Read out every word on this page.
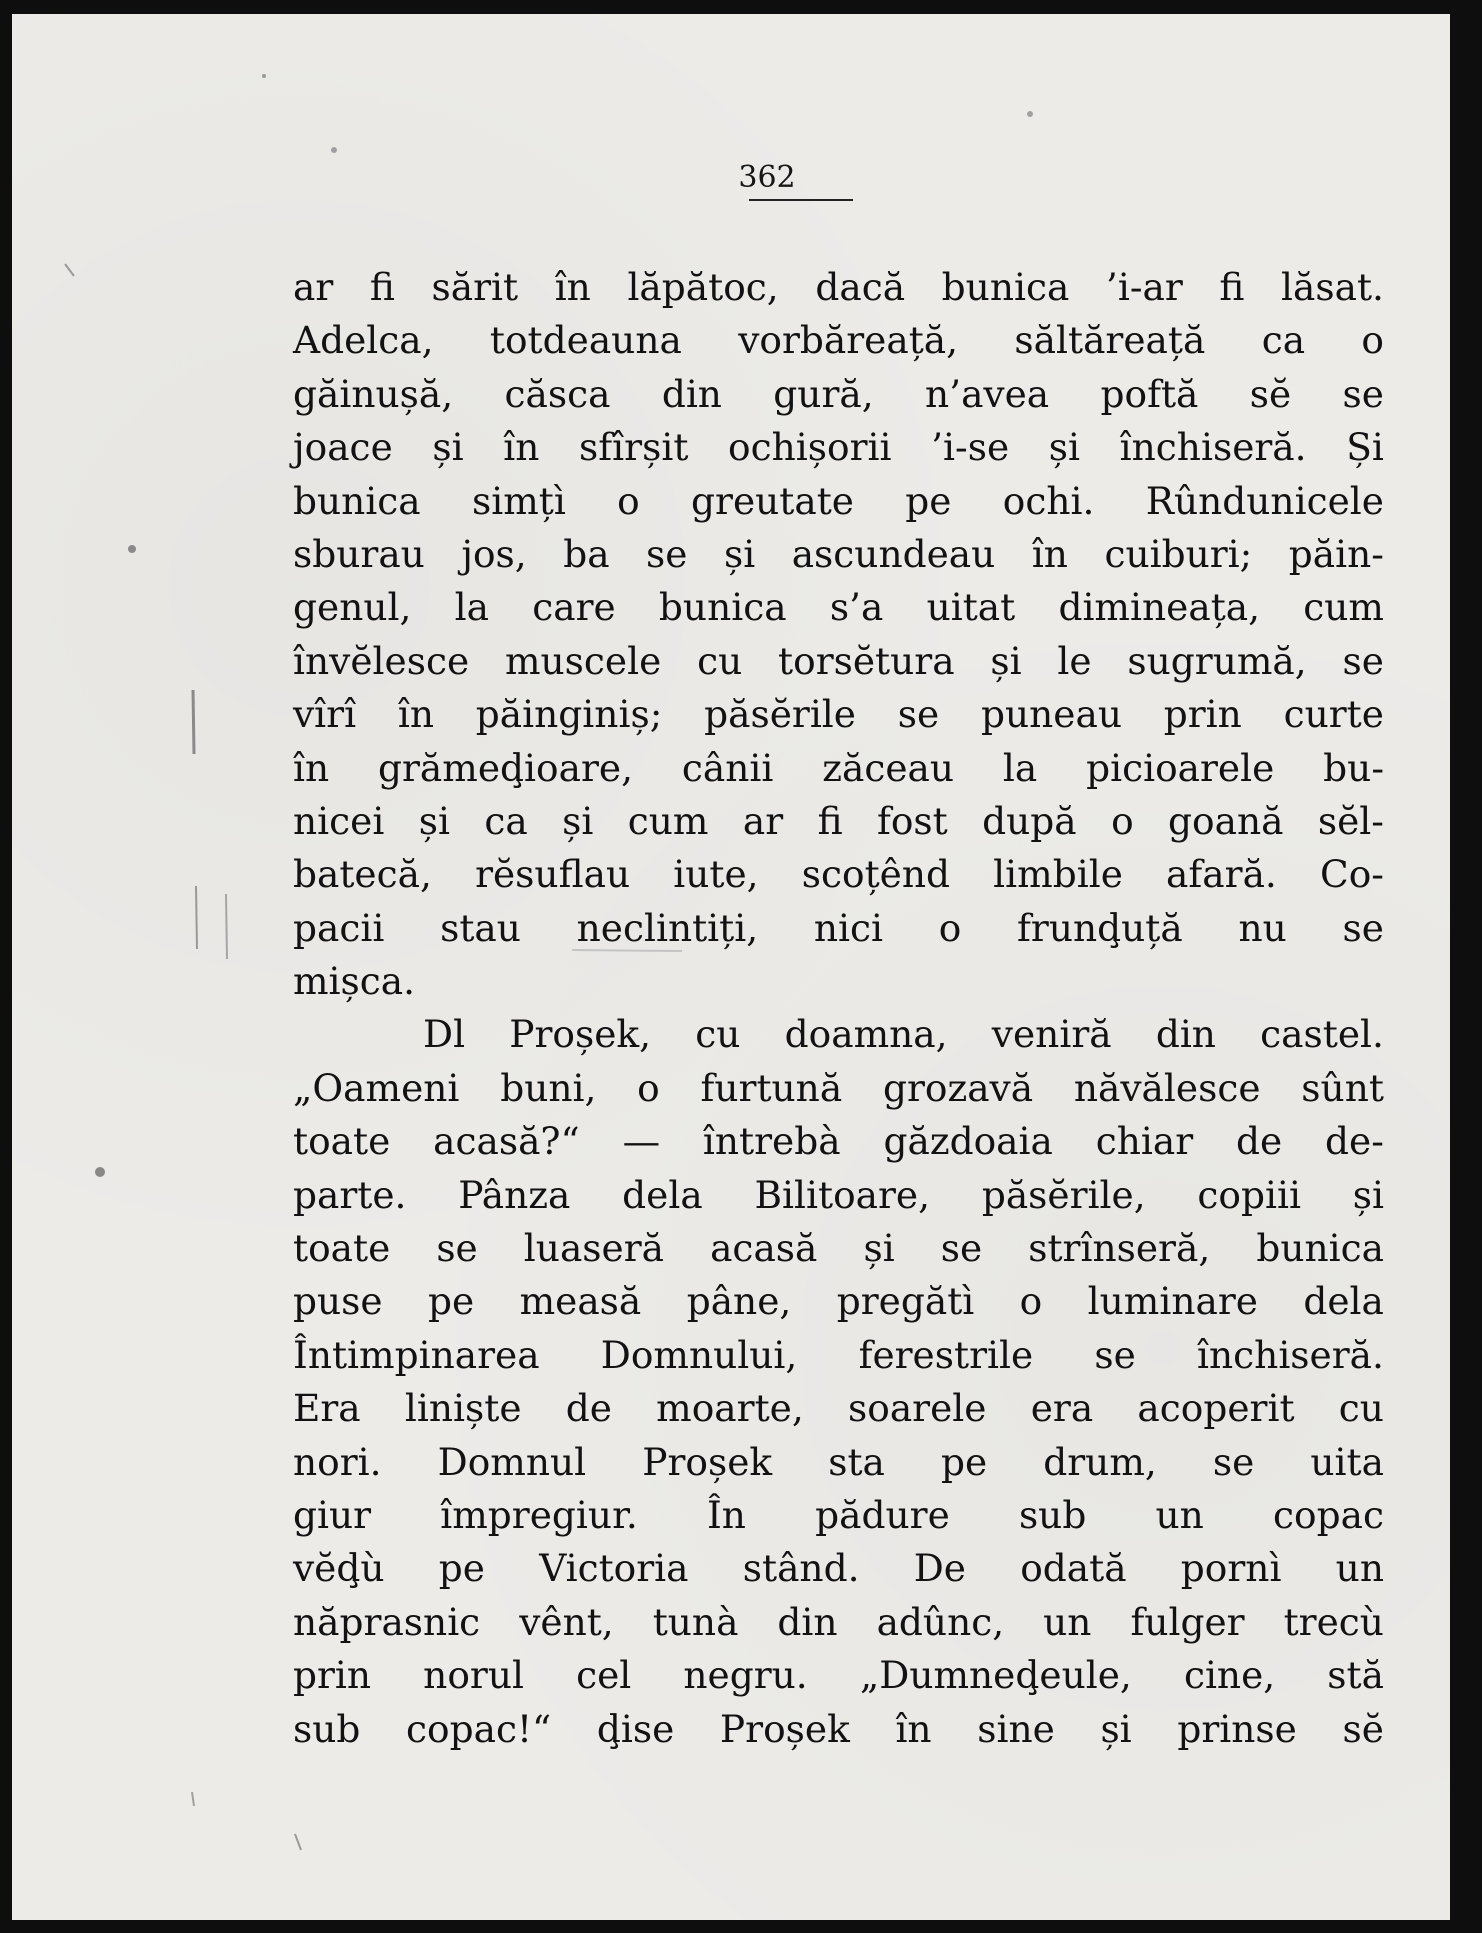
362
ar fi sărit în lăpătoc, dacă bunica ’i-ar fi lăsat.
Adelca, totdeauna vorbăreață, săltăreață ca o
găinușă, căsca din gură, n’avea poftă sĕ se
joace și în sfîrșit ochișorii ’i-se și închiseră. Și
bunica simțì o greutate pe ochi. Rûndunicele
sburau jos, ba se și ascundeau în cuiburi; păin-
genul, la care bunica s’a uitat dimineața, cum
învĕlesce muscele cu torsĕtura și le sugrumă, se
vîrî în păinginiș; păsĕrile se puneau prin curte
în grămeḑioare, cânii zăceau la picioarele bu-
nicei și ca și cum ar fi fost după o goană sĕl-
batecă, rĕsuflau iute, scoțênd limbile afară. Co-
pacii stau neclintiți, nici o frunḑuță nu se
mișca.
Dl Proșek, cu doamna, veniră din castel.
„Oameni buni, o furtună grozavă năvălesce sûnt
toate acasă?“ — întrebà găzdoaia chiar de de-
parte. Pânza dela Bilitoare, păsĕrile, copiii și
toate se luaseră acasă și se strînseră, bunica
puse pe measă pâne, pregătì o luminare dela
Întimpinarea Domnului, ferestrile se închiseră.
Era liniște de moarte, soarele era acoperit cu
nori. Domnul Proșek sta pe drum, se uita
giur împregiur. În pădure sub un copac
vĕḑù pe Victoria stând. De odată pornì un
năprasnic vênt, tunà din adûnc, un fulger trecù
prin norul cel negru. „Dumneḑeule, cine, stă
sub copac!“ ḑise Proșek în sine și prinse sĕ
